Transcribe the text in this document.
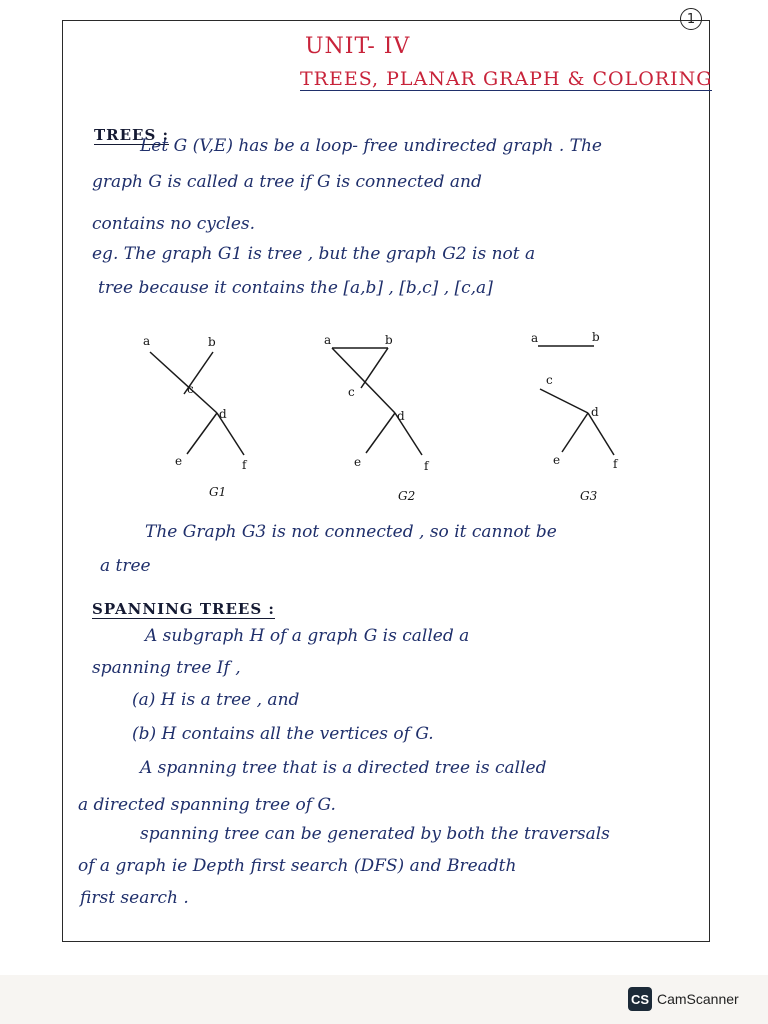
1
UNIT- IV
TREES, PLANAR GRAPH & COLORING
TREES :
Let G (V,E) has be a loop- free undirected graph . The
graph G is called a tree if G is connected and
contains no cycles.
eg. The graph G1 is tree , but the graph G2 is not a
tree because it contains the [a,b] , [b,c] , [c,a]
a	b
c
d
e	f
G1
a	b
c
d
e	f
G2
a	b
c
d
e	f
G3
The Graph G3 is not connected , so it cannot be
a tree
SPANNING TREES :
A subgraph H of a graph G is called a
spanning tree If ,
(a) H is a tree , and
(b) H contains all the vertices of G.
A spanning tree that is a directed tree is called
a directed spanning tree of G.
spanning tree can be generated by both the traversals
of a graph ie Depth first search (DFS) and Breadth
first search .
CS CamScanner
